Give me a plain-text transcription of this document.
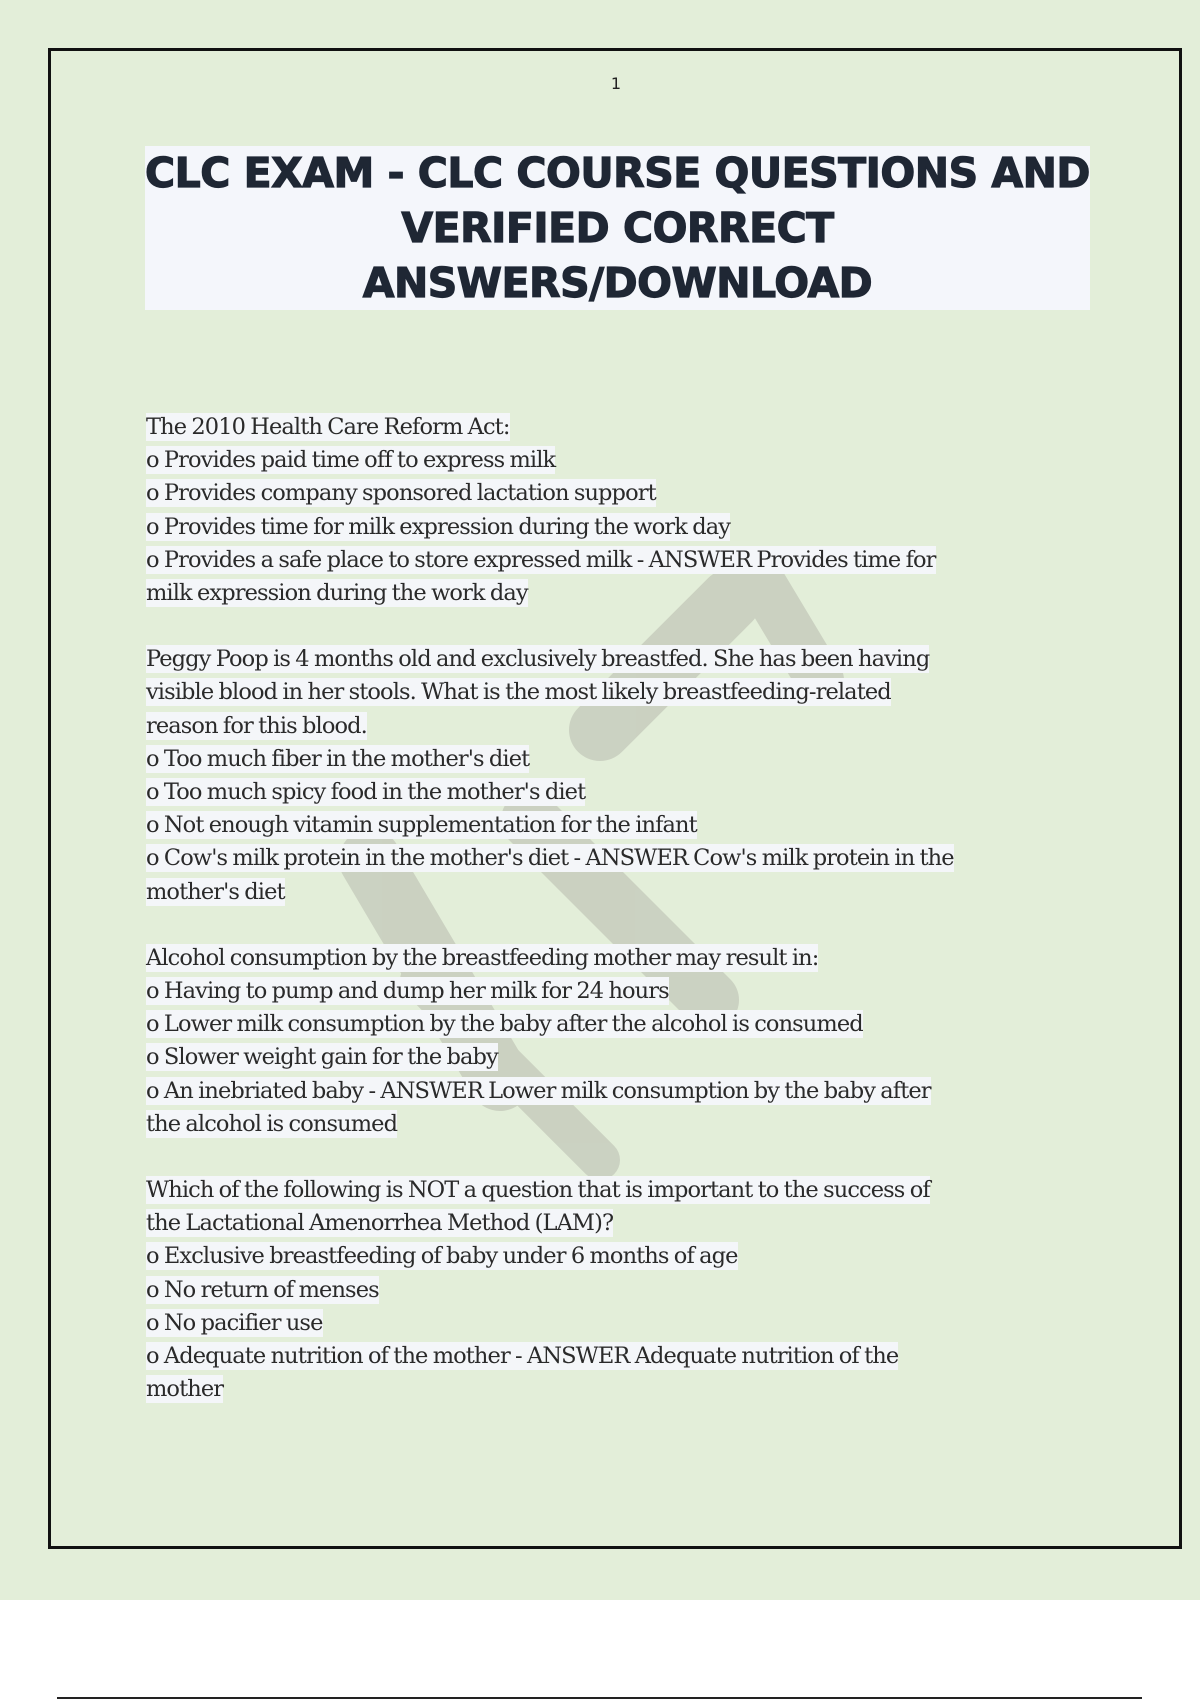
1
CLC EXAM - CLC COURSE QUESTIONS AND
VERIFIED CORRECT
ANSWERS/DOWNLOAD
The 2010 Health Care Reform Act:
o Provides paid time off to express milk
o Provides company sponsored lactation support
o Provides time for milk expression during the work day
o Provides a safe place to store expressed milk - ANSWER Provides time for
milk expression during the work day
Peggy Poop is 4 months old and exclusively breastfed. She has been having
visible blood in her stools. What is the most likely breastfeeding-related
reason for this blood.
o Too much fiber in the mother's diet
o Too much spicy food in the mother's diet
o Not enough vitamin supplementation for the infant
o Cow's milk protein in the mother's diet - ANSWER Cow's milk protein in the
mother's diet
Alcohol consumption by the breastfeeding mother may result in:
o Having to pump and dump her milk for 24 hours
o Lower milk consumption by the baby after the alcohol is consumed
o Slower weight gain for the baby
o An inebriated baby - ANSWER Lower milk consumption by the baby after
the alcohol is consumed
Which of the following is NOT a question that is important to the success of
the Lactational Amenorrhea Method (LAM)?
o Exclusive breastfeeding of baby under 6 months of age
o No return of menses
o No pacifier use
o Adequate nutrition of the mother - ANSWER Adequate nutrition of the
mother
